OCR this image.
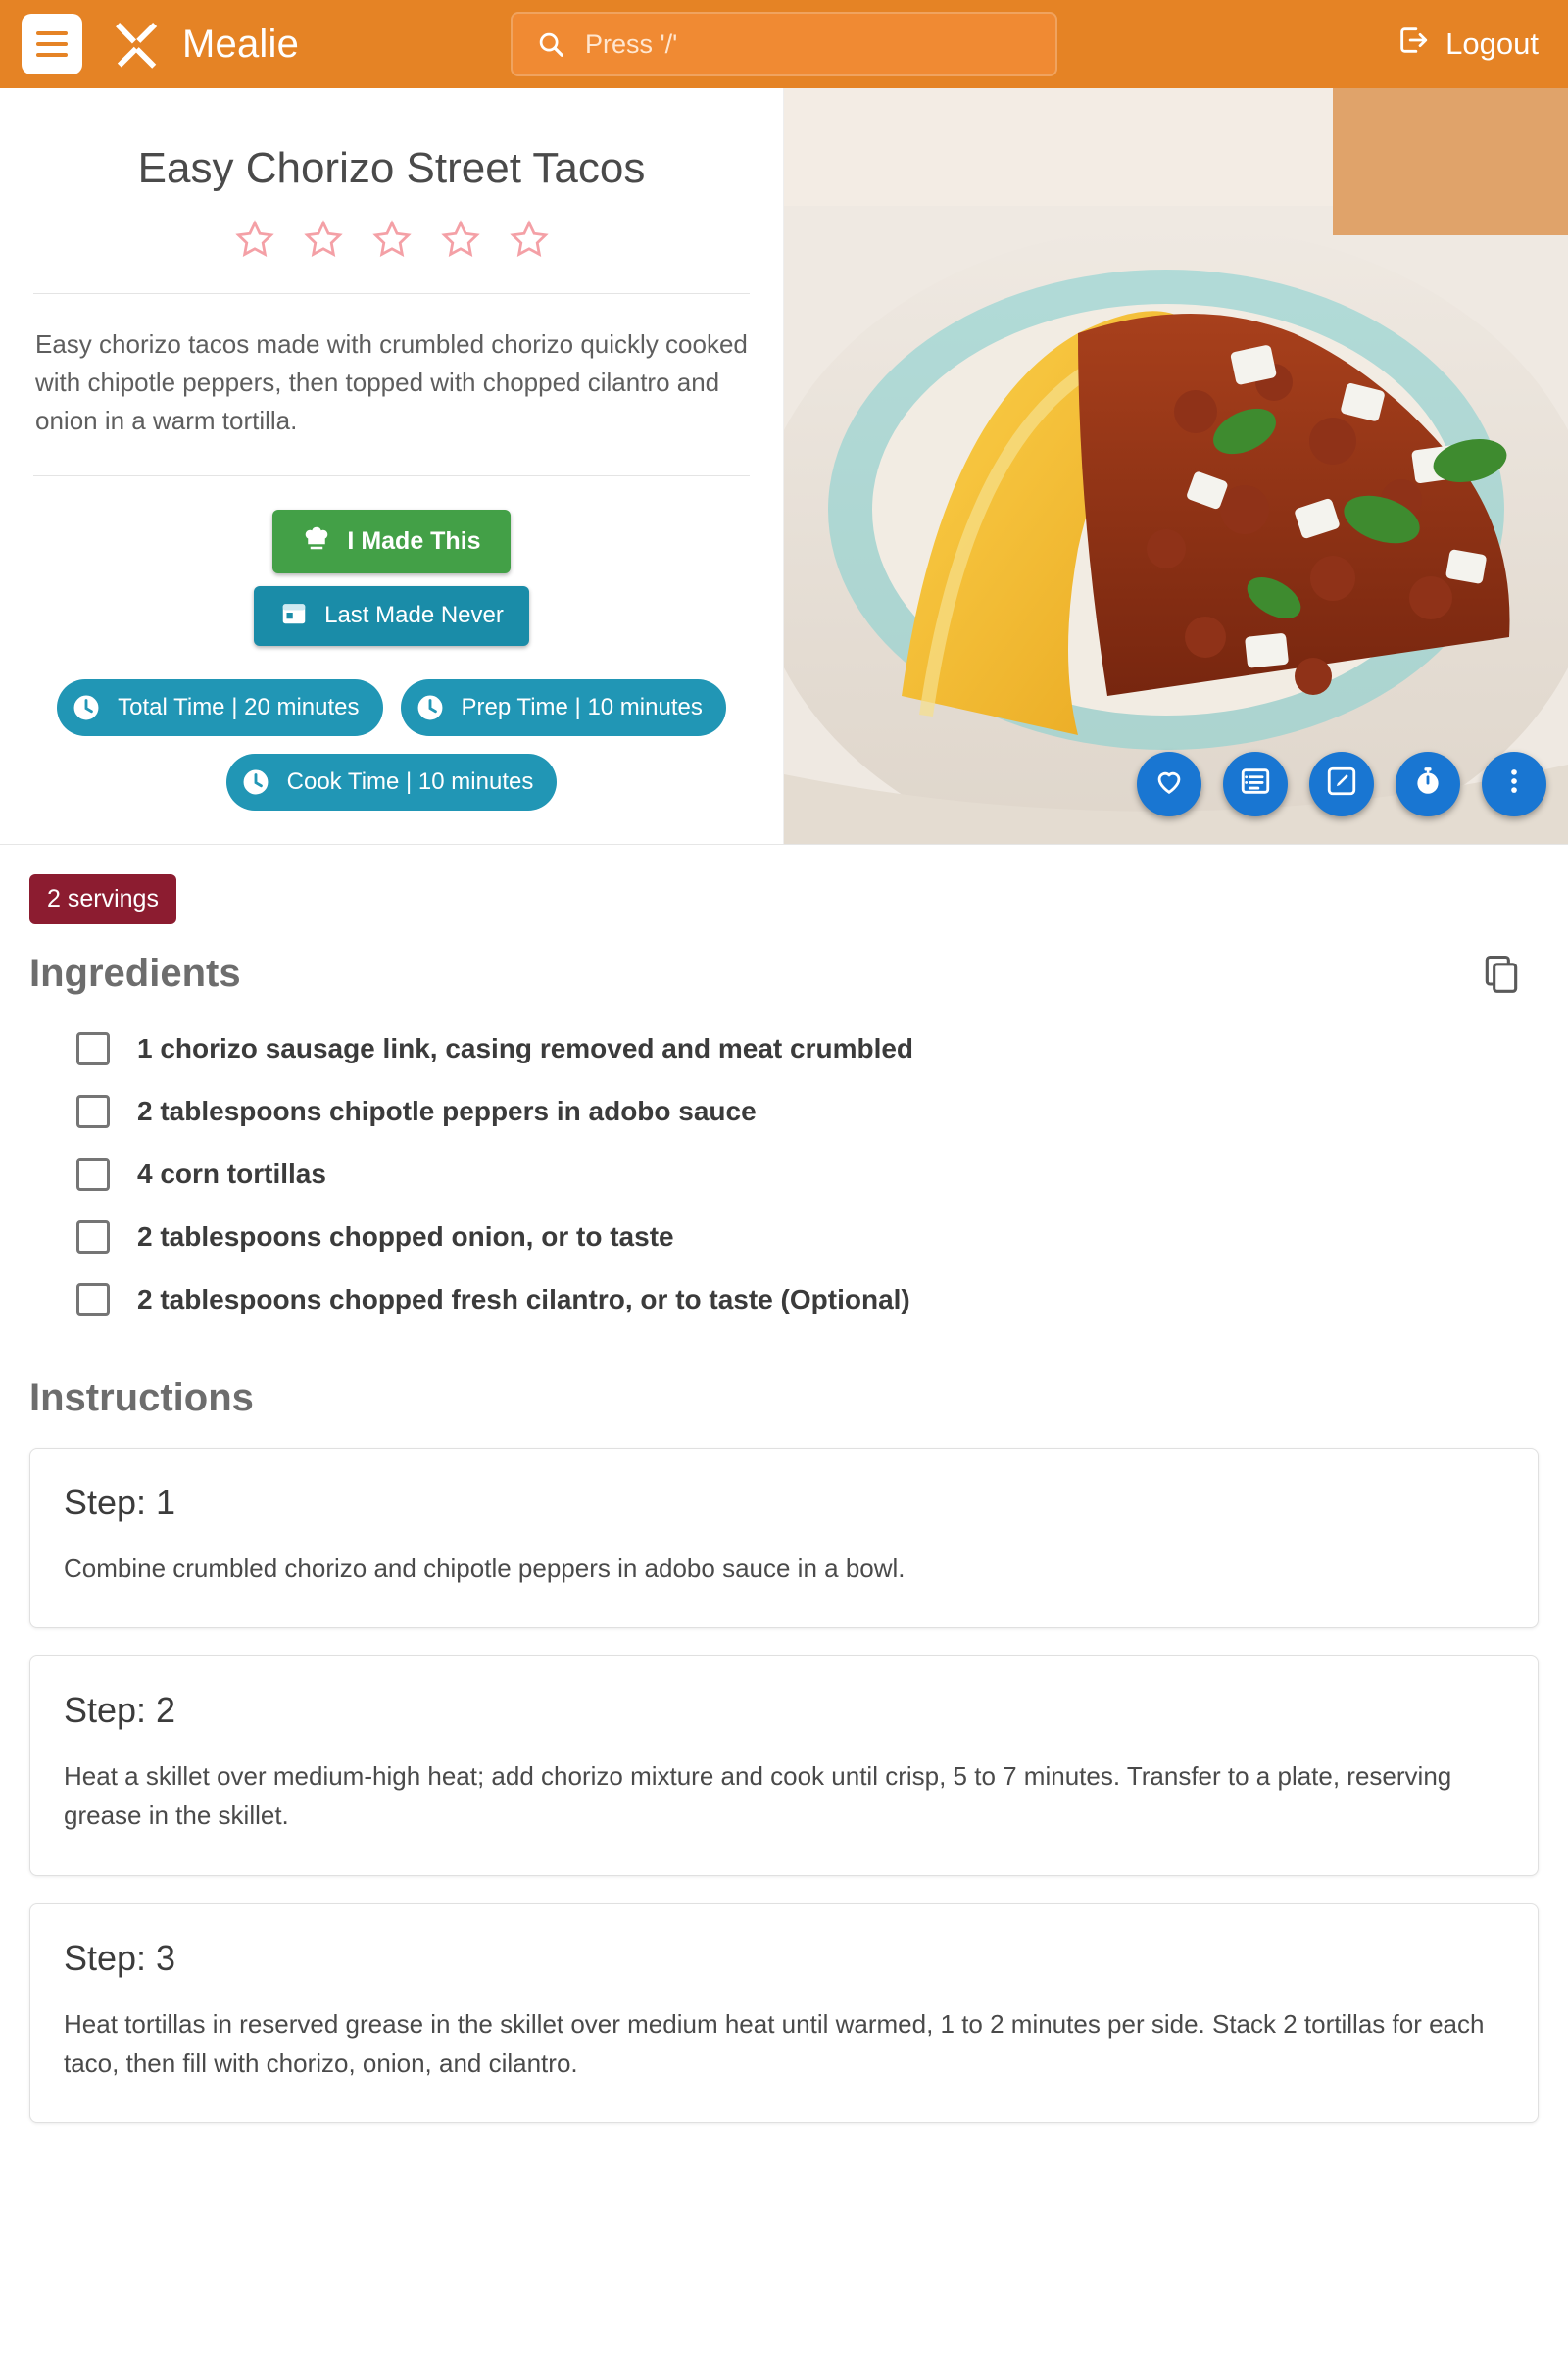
Mealie
Press '/'	Logout
Easy Chorizo Street Tacos
Easy chorizo tacos made with crumbled chorizo quickly cooked with chipotle peppers, then topped with chopped cilantro and onion in a warm tortilla.
I Made This
Last Made Never
Total Time | 20 minutes	Prep Time | 10 minutes
Cook Time | 10 minutes
2 servings
Ingredients
1 chorizo sausage link, casing removed and meat crumbled
2 tablespoons chipotle peppers in adobo sauce
4 corn tortillas
2 tablespoons chopped onion, or to taste
2 tablespoons chopped fresh cilantro, or to taste (Optional)
Instructions
Step: 1
Combine crumbled chorizo and chipotle peppers in adobo sauce in a bowl.
Step: 2
Heat a skillet over medium-high heat; add chorizo mixture and cook until crisp, 5 to 7 minutes. Transfer to a plate, reserving grease in the skillet.
Step: 3
Heat tortillas in reserved grease in the skillet over medium heat until warmed, 1 to 2 minutes per side. Stack 2 tortillas for each taco, then fill with chorizo, onion, and cilantro.
